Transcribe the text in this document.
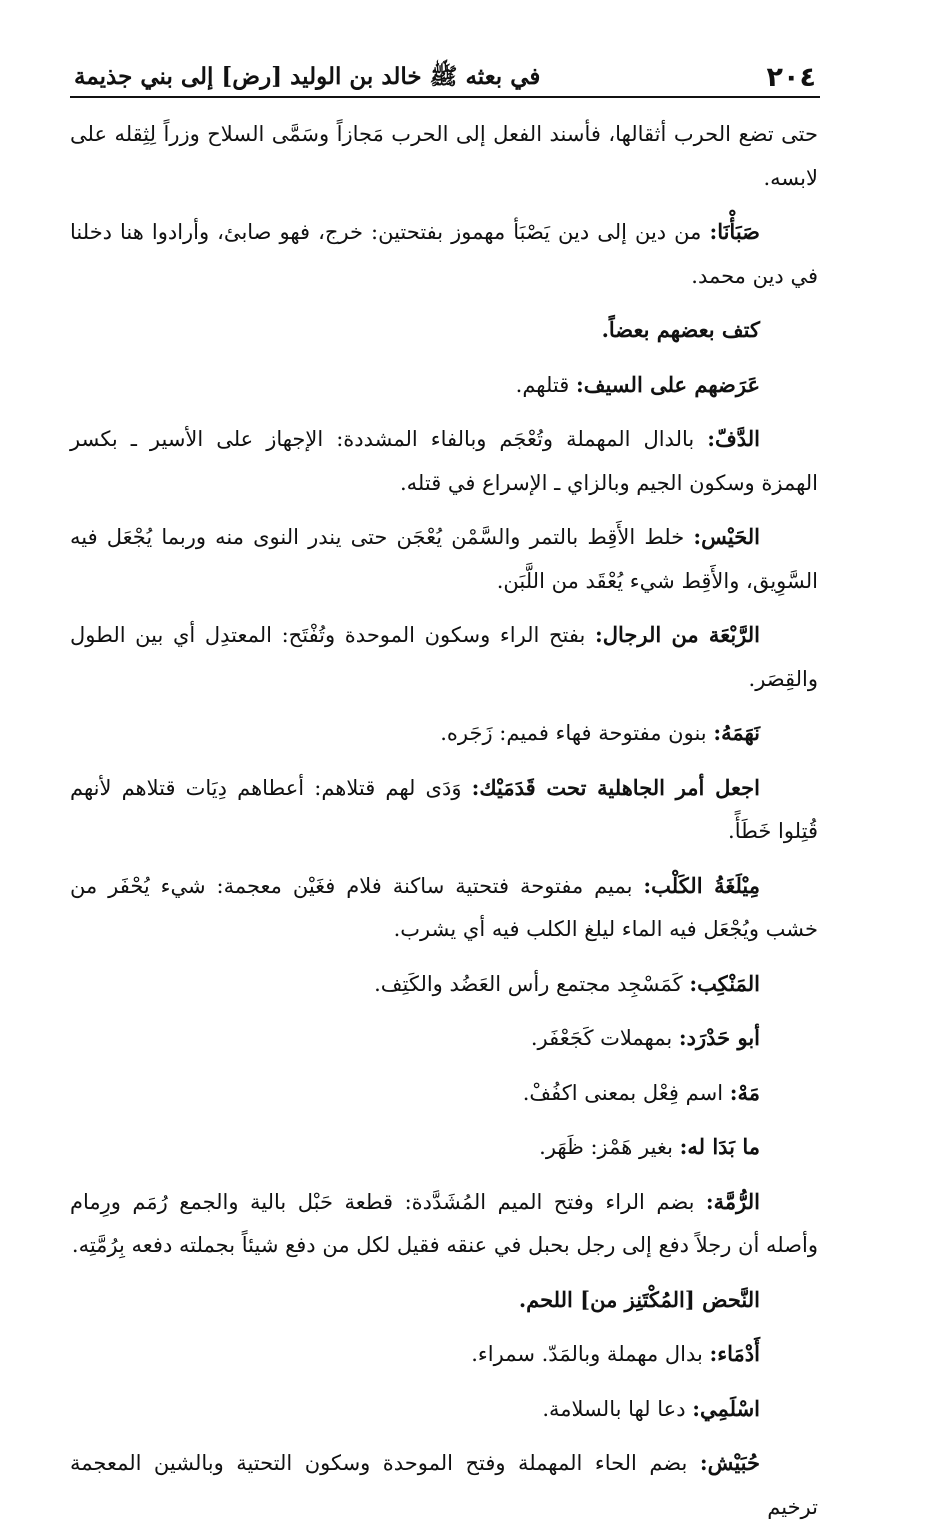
٢٠٤
في بعثه ﷺ خالد بن الوليد [رض] إلى بني جذيمة

حتى تضع الحرب أثقالها، فأسند الفعل إلى الحرب مَجازاً وسَمَّى السلاح وزراً لِثِقله على لابسه.

صَبَأْنَا: من دين إلى دين يَصْبَأ مهموز بفتحتين: خرج، فهو صابئ، وأرادوا هنا دخلنا في دين محمد.

كتف بعضهم بعضاً.

عَرَضهم على السيف: قتلهم.

الدَّفّ: بالدال المهملة وتُعْجَم وبالفاء المشددة: الإجهاز على الأسير ـ بكسر الهمزة وسكون الجيم وبالزاي ـ الإسراع في قتله.

الحَيْس: خلط الأَقِط بالتمر والسَّمْن يُعْجَن حتى يندر النوى منه وربما يُجْعَل فيه السَّوِيق، والأَقِط شيء يُعْقَد من اللَّبَن.

الرَّبْعَة من الرجال: بفتح الراء وسكون الموحدة وتُفْتَح: المعتدِل أي بين الطول والقِصَر.

نَهَمَهُ: بنون مفتوحة فهاء فميم: زَجَره.

اجعل أمر الجاهلية تحت قَدَمَيْك: وَدَى لهم قتلاهم: أعطاهم دِيَات قتلاهم لأنهم قُتِلوا خَطَأً.

مِيْلَغَةُ الكَلْب: بميم مفتوحة فتحتية ساكنة فلام فغَيْن معجمة: شيء يُحْفَر من خشب ويُجْعَل فيه الماء ليلغ الكلب فيه أي يشرب.

المَنْكِب: كَمَسْجِد مجتمع رأس العَضُد والكَتِف.

أبو حَدْرَد: بمهملات كَجَعْفَر.

مَهْ: اسم فِعْل بمعنى اكفُفْ.

ما بَدَا له: بغير هَمْز: ظَهَر.

الرُّمَّة: بضم الراء وفتح الميم المُشَدَّدة: قطعة حَبْل بالية والجمع رُمَم ورِمام وأصله أن رجلاً دفع إلى رجل بحبل في عنقه فقيل لكل من دفع شيئاً بجملته دفعه بِرُمَّتِه.

النَّحض [المُكْتَنِز من] اللحم.

أَدْمَاء: بدال مهملة وبالمَدّ. سمراء.

اسْلَمِي: دعا لها بالسلامة.

حُبَيْش: بضم الحاء المهملة وفتح الموحدة وسكون التحتية وبالشين المعجمة ترخيم
